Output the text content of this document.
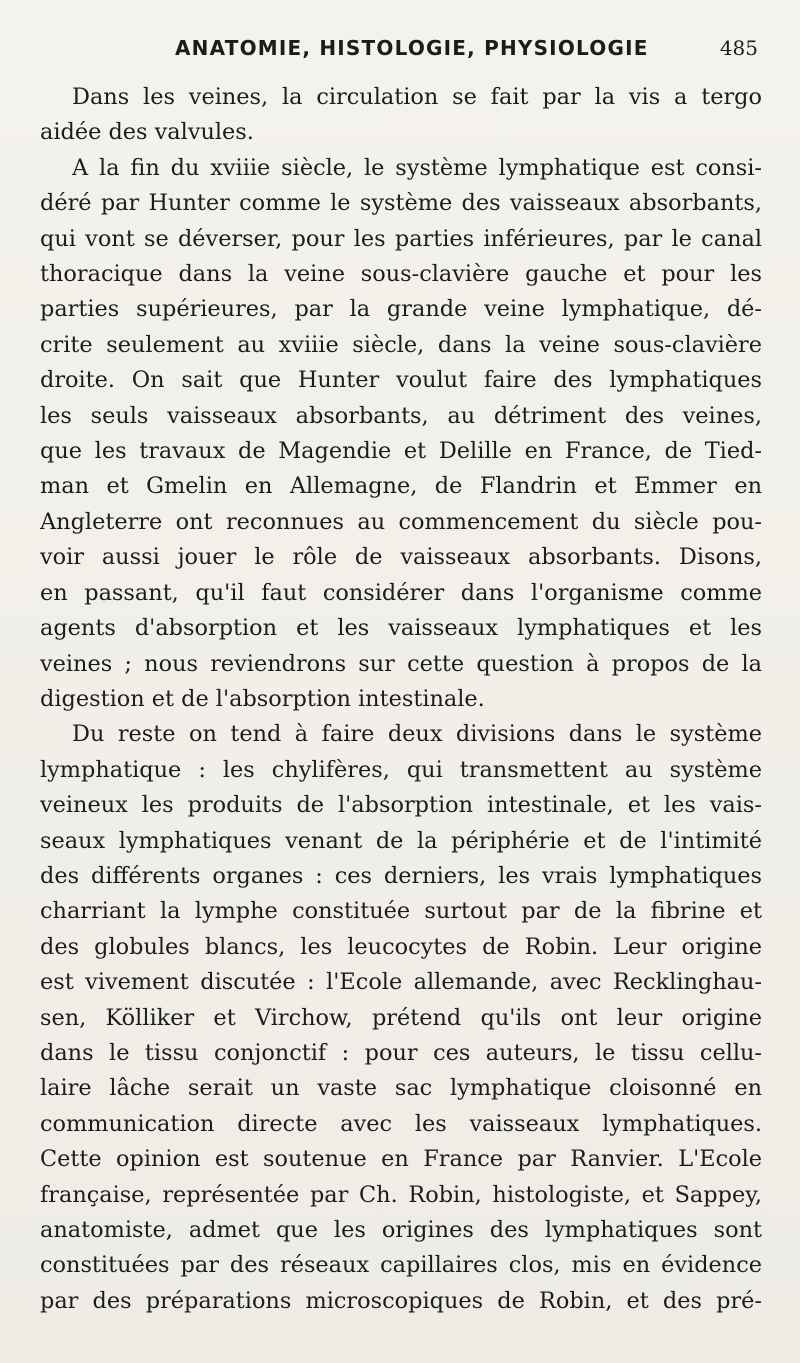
ANATOMIE, HISTOLOGIE, PHYSIOLOGIE	485
Dans les veines, la circulation se fait par la vis a tergo
aidée des valvules.
A la fin du xviiie siècle, le système lymphatique est consi-
déré par Hunter comme le système des vaisseaux absorbants,
qui vont se déverser, pour les parties inférieures, par le canal
thoracique dans la veine sous-clavière gauche et pour les
parties supérieures, par la grande veine lymphatique, dé-
crite seulement au xviiie siècle, dans la veine sous-clavière
droite. On sait que Hunter voulut faire des lymphatiques
les seuls vaisseaux absorbants, au détriment des veines,
que les travaux de Magendie et Delille en France, de Tied-
man et Gmelin en Allemagne, de Flandrin et Emmer en
Angleterre ont reconnues au commencement du siècle pou-
voir aussi jouer le rôle de vaisseaux absorbants. Disons,
en passant, qu'il faut considérer dans l'organisme comme
agents d'absorption et les vaisseaux lymphatiques et les
veines ; nous reviendrons sur cette question à propos de la
digestion et de l'absorption intestinale.
Du reste on tend à faire deux divisions dans le système
lymphatique : les chylifères, qui transmettent au système
veineux les produits de l'absorption intestinale, et les vais-
seaux lymphatiques venant de la périphérie et de l'intimité
des différents organes : ces derniers, les vrais lymphatiques
charriant la lymphe constituée surtout par de la fibrine et
des globules blancs, les leucocytes de Robin. Leur origine
est vivement discutée : l'Ecole allemande, avec Recklinghau-
sen, Kölliker et Virchow, prétend qu'ils ont leur origine
dans le tissu conjonctif : pour ces auteurs, le tissu cellu-
laire lâche serait un vaste sac lymphatique cloisonné en
communication directe avec les vaisseaux lymphatiques.
Cette opinion est soutenue en France par Ranvier. L'Ecole
française, représentée par Ch. Robin, histologiste, et Sappey,
anatomiste, admet que les origines des lymphatiques sont
constituées par des réseaux capillaires clos, mis en évidence
par des préparations microscopiques de Robin, et des pré-
